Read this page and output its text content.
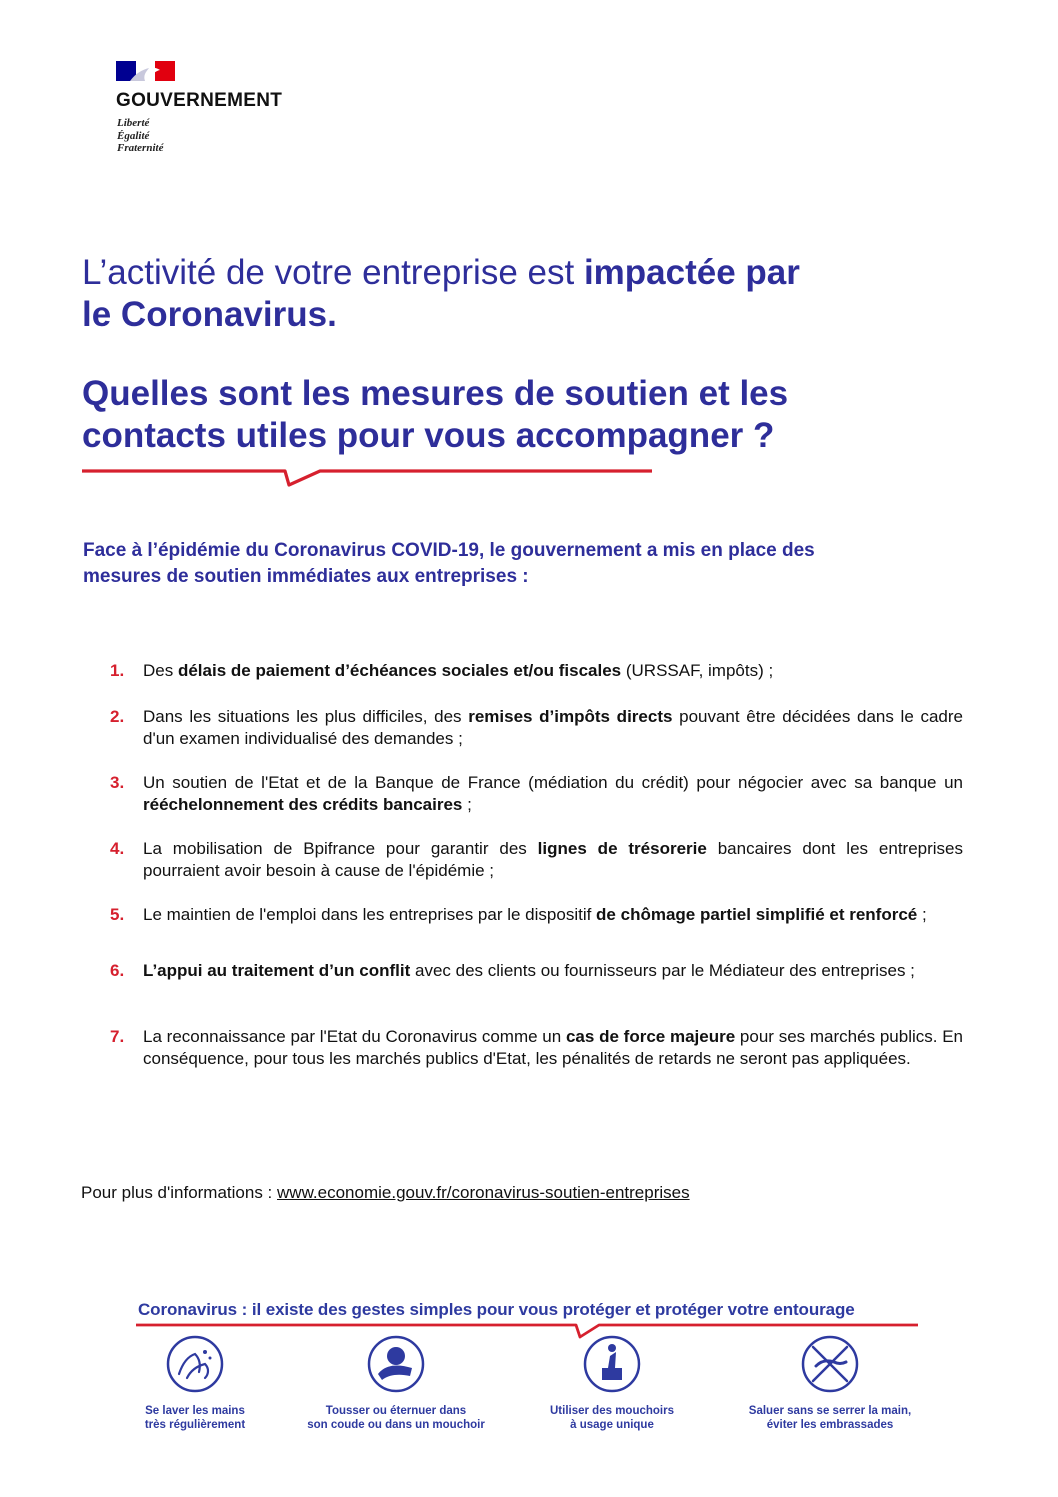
GOUVERNEMENT
Liberté
Égalité
Fraternité
L’activité de votre entreprise est impactée par
le Coronavirus.
Quelles sont les mesures de soutien et les
contacts utiles pour vous accompagner ?
Face à l’épidémie du Coronavirus COVID-19, le gouvernement a mis en place des
mesures de soutien immédiates aux entreprises :
1. Des délais de paiement d’échéances sociales et/ou fiscales (URSSAF, impôts) ;
2. Dans les situations les plus difficiles, des remises d’impôts directs pouvant être décidées dans le cadre d'un examen individualisé des demandes ;
3. Un soutien de l'Etat et de la Banque de France (médiation du crédit) pour négocier avec sa banque un rééchelonnement des crédits bancaires ;
4. La mobilisation de Bpifrance pour garantir des lignes de trésorerie bancaires dont les entreprises pourraient avoir besoin à cause de l'épidémie ;
5. Le maintien de l'emploi dans les entreprises par le dispositif de chômage partiel simplifié et renforcé ;
6. L’appui au traitement d’un conflit avec des clients ou fournisseurs par le Médiateur des entreprises ;
7. La reconnaissance par l'Etat du Coronavirus comme un cas de force majeure pour ses marchés publics. En conséquence, pour tous les marchés publics d'Etat, les pénalités de retards ne seront pas appliquées.
Pour plus d'informations : www.economie.gouv.fr/coronavirus-soutien-entreprises
Coronavirus : il existe des gestes simples pour vous protéger et protéger votre entourage
Se laver les mains
très régulièrement
Tousser ou éternuer dans
son coude ou dans un mouchoir
Utiliser des mouchoirs
à usage unique
Saluer sans se serrer la main,
éviter les embrassades
